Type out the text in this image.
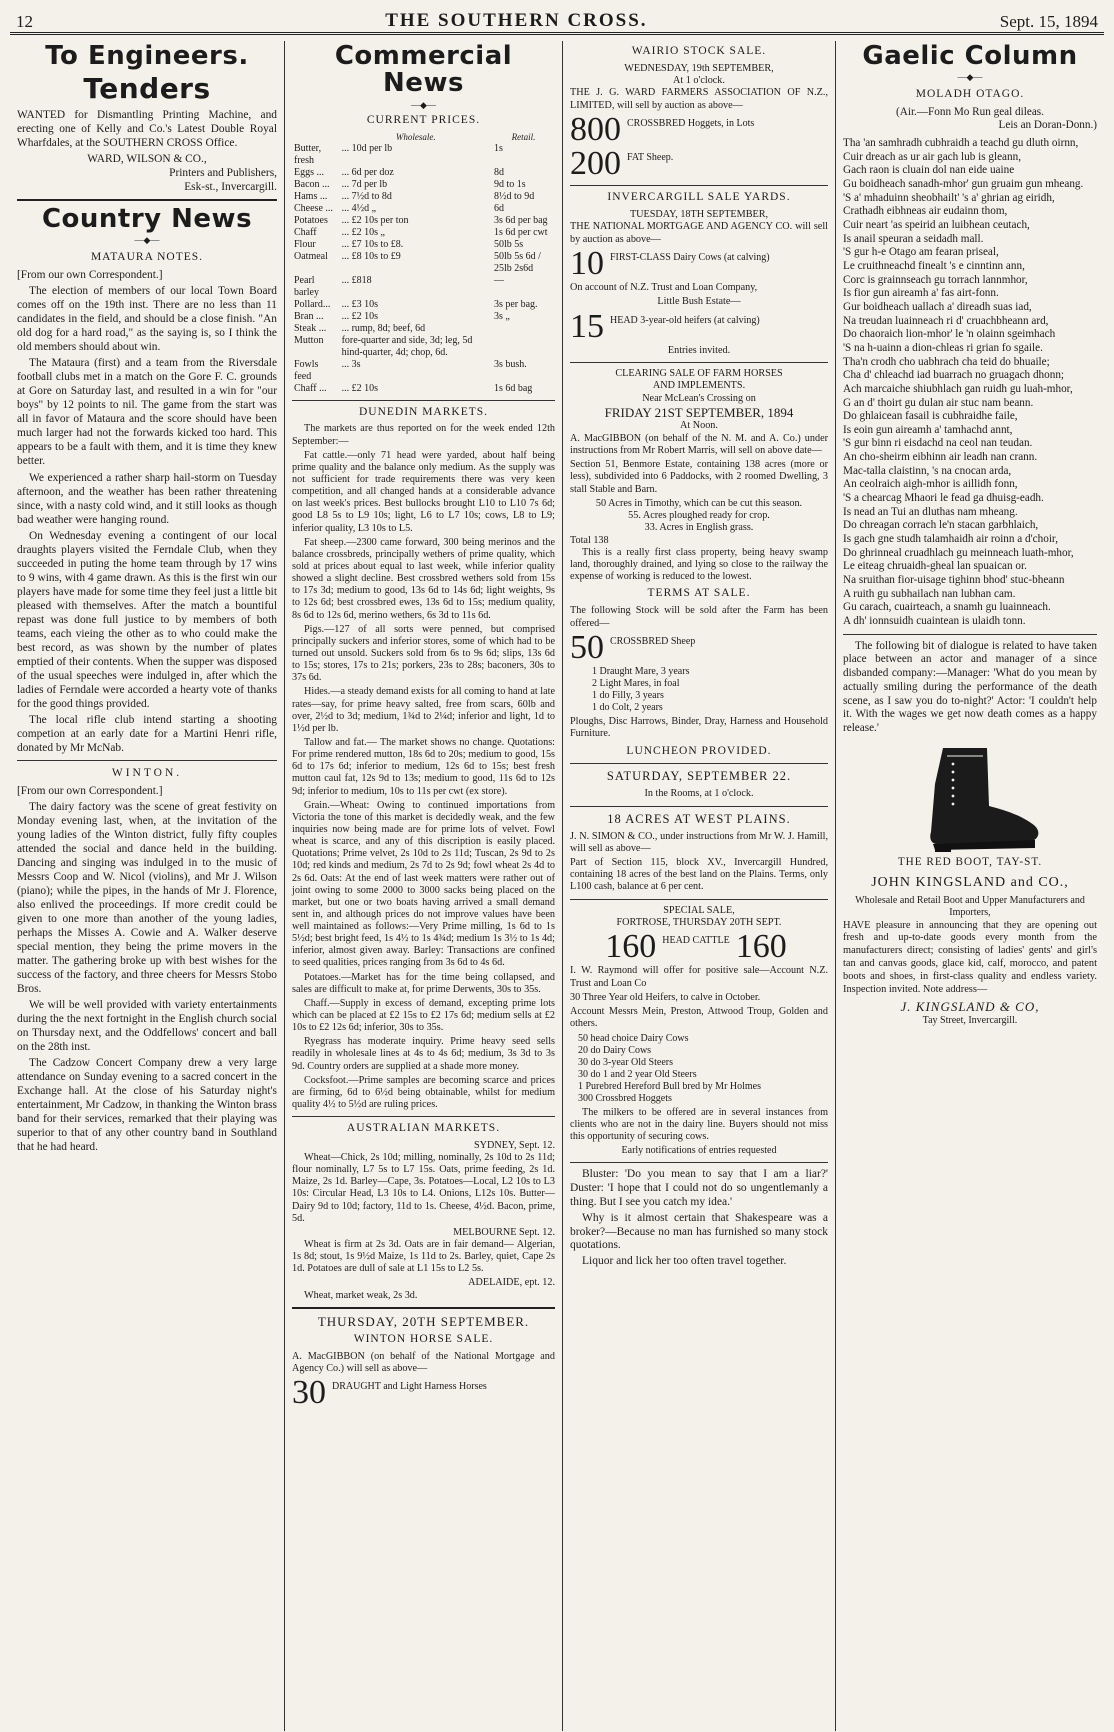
12	THE SOUTHERN CROSS.	Sept. 15, 1894
To Engineers.
Tenders

WANTED for Dismantling Printing Machine, and erecting one of Kelly and Co.'s Latest Double Royal Wharfdales, at the SOUTHERN CROSS Office.

WARD, WILSON & CO.,
Printers and Publishers,
Esk-st., Invercargill.
Country News
—◆—
MATAURA NOTES.

[From our own Correspondent.]

The election of members of our local Town Board comes off on the 19th inst. There are no less than 11 candidates in the field, and should be a close finish. "An old dog for a hard road," as the saying is, so I think the old members should about win.

The Mataura (first) and a team from the Riversdale football clubs met in a match on the Gore F. C. grounds at Gore on Saturday last, and resulted in a win for "our boys" by 12 points to nil. The game from the start was all in favor of Mataura and the score should have been much larger had not the forwards kicked too hard. This appears to be a fault with them, and it is time they knew better.

We experienced a rather sharp hail-storm on Tuesday afternoon, and the weather has been rather threatening since, with a nasty cold wind, and it still looks as though bad weather were hanging round.

On Wednesday evening a contingent of our local draughts players visited the Ferndale Club, when they succeeded in puting the home team through by 17 wins to 9 wins, with 4 game drawn. As this is the first win our players have made for some time they feel just a little bit pleased with themselves. After the match a bountiful repast was done full justice to by members of both teams, each vieing the other as to who could make the best record, as was shown by the number of plates emptied of their contents. When the supper was disposed of the usual speeches were indulged in, after which the ladies of Ferndale were accorded a hearty vote of thanks for the good things provided.

The local rifle club intend starting a shooting competion at an early date for a Martini Henri rifle, donated by Mr McNab.

WINTON.

[From our own Correspondent.]

The dairy factory was the scene of great festivity on Monday evening last, when, at the invitation of the young ladies of the Winton district, fully fifty couples attended the social and dance held in the building. Dancing and singing was indulged in to the music of Messrs Coop and W. Nicol (violins), and Mr J. Wilson (piano); while the pipes, in the hands of Mr J. Florence, also enlived the proceedings. If more credit could be given to one more than another of the young ladies, perhaps the Misses A. Cowie and A. Walker deserve special mention, they being the prime movers in the matter. The gathering broke up with best wishes for the success of the factory, and three cheers for Messrs Stobo Bros.

We will be well provided with variety entertainments during the the next fortnight in the English church social on Thursday next, and the Oddfellows' concert and ball on the 28th inst.

The Cadzow Concert Company drew a very large attendance on Sunday evening to a sacred concert in the Exchange hall. At the close of his Saturday night's entertainment, Mr Cadzow, in thanking the Winton brass band for their services, remarked that their playing was superior to that of any other country band in Southland that he had heard.

Commercial News
—◆—
CURRENT PRICES.
	Wholesale.	Retail.
Butter, fresh	... 10d per lb	1s
Eggs ...	... 6d per doz	8d
Bacon ...	... 7d per lb	9d to 1s
Hams ...	... 7½d to 8d	8½d to 9d
Cheese ...	... 4½d „	6d
Potatoes	... £2 10s per ton	3s 6d per bag
Chaff	... £2 10s „	1s 6d per cwt
Flour	... £7 10s to £8.	50lb 5s
Oatmeal	... £8 10s to £9	50lb 5s 6d / 25lb 2s6d
Pearl barley	... £818	—
Pollard...	... £3 10s	3s per bag.
Bran ...	... £2 10s	3s „
Steak ...	... rump, 8d; beef, 6d	
Mutton	fore-quarter and side, 3d; leg, 5d hind-quarter, 4d; chop, 6d.	
Fowls feed	... 3s	3s bush.
Chaff ...	... £2 10s	1s 6d bag
DUNEDIN MARKETS.

The markets are thus reported on for the week ended 12th September:—

Fat cattle.—only 71 head were yarded, about half being prime quality and the balance only medium. As the supply was not sufficient for trade requirements there was very keen competition, and all changed hands at a considerable advance on last week's prices. Best bullocks brought L10 to L10 7s 6d; good L8 5s to L9 10s; light, L6 to L7 10s; cows, L8 to L9; inferior quality, L3 10s to L5.

Fat sheep.—2300 came forward, 300 being merinos and the balance crossbreds, principally wethers of prime quality, which sold at prices about equal to last week, while inferior quality showed a slight decline. Best crossbred wethers sold from 15s to 17s 3d; medium to good, 13s 6d to 14s 6d; light weights, 9s to 12s 6d; best crossbred ewes, 13s 6d to 15s; medium quality, 8s 6d to 12s 6d, merino wethers, 6s 3d to 11s 6d.

Pigs.—127 of all sorts were penned, but comprised principally suckers and inferior stores, some of which had to be turned out unsold. Suckers sold from 6s to 9s 6d; slips, 13s 6d to 15s; stores, 17s to 21s; porkers, 23s to 28s; baconers, 30s to 37s 6d.

Hides.—a steady demand exists for all coming to hand at late rates—say, for prime heavy salted, free from scars, 60lb and over, 2½d to 3d; medium, 1¾d to 2¼d; inferior and light, 1d to 1½d per lb.

Tallow and fat.— The market shows no change. Quotations: For prime rendered mutton, 18s 6d to 20s; medium to good, 15s 6d to 17s 6d; inferior to medium, 12s 6d to 15s; best fresh mutton caul fat, 12s 9d to 13s; medium to good, 11s 6d to 12s 9d; inferior to medium, 10s to 11s per cwt (ex store).

Grain.—Wheat: Owing to continued importations from Victoria the tone of this market is decidedly weak, and the few inquiries now being made are for prime lots of velvet. Fowl wheat is scarce, and any of this discription is easily placed. Quotations; Prime velvet, 2s 10d to 2s 11d; Tuscan, 2s 9d to 2s 10d; red kinds and medium, 2s 7d to 2s 9d; fowl wheat 2s 4d to 2s 6d. Oats: At the end of last week matters were rather out of joint owing to some 2000 to 3000 sacks being placed on the market, but one or two boats having arrived a small demand sent in, and although prices do not improve values have been well maintained as follows:—Very Prime milling, 1s 6d to 1s 5½d; best bright feed, 1s 4½ to 1s 4¾d; medium 1s 3½ to 1s 4d; inferior, almost given away. Barley: Transactions are confined to seed qualities, prices ranging from 3s 6d to 4s 6d.

Potatoes.—Market has for the time being collapsed, and sales are difficult to make at, for prime Derwents, 30s to 35s.

Chaff.—Supply in excess of demand, excepting prime lots which can be placed at £2 15s to £2 17s 6d; medium sells at £2 10s to £2 12s 6d; inferior, 30s to 35s.

Ryegrass has moderate inquiry. Prime heavy seed sells readily in wholesale lines at 4s to 4s 6d; medium, 3s 3d to 3s 9d. Country orders are supplied at a shade more money.

Cocksfoot.—Prime samples are becoming scarce and prices are firming, 6d to 6½d being obtainable, whilst for medium quality 4½ to 5½d are ruling prices.

AUSTRALIAN MARKETS.
SYDNEY, Sept. 12.

Wheat—Chick, 2s 10d; milling, nominally, 2s 10d to 2s 11d; flour nominally, L7 5s to L7 15s. Oats, prime feeding, 2s 1d. Maize, 2s 1d. Barley—Cape, 3s. Potatoes—Local, L2 10s to L3 10s: Circular Head, L3 10s to L4. Onions, L12s 10s. Butter—Dairy 9d to 10d; factory, 11d to 1s. Cheese, 4½d. Bacon, prime, 5d.

MELBOURNE Sept. 12.

Wheat is firm at 2s 3d. Oats are in fair demand— Algerian, 1s 8d; stout, 1s 9½d Maize, 1s 11d to 2s. Barley, quiet, Cape 2s 1d. Potatoes are dull of sale at L1 15s to L2 5s.

ADELAIDE, ept. 12.

Wheat, market weak, 2s 3d.

THURSDAY, 20TH SEPTEMBER.
WINTON HORSE SALE.

A. MacGIBBON (on behalf of the National Mortgage and Agency Co.) will sell as above—

30 DRAUGHT and Light Harness Horses
WAIRIO STOCK SALE.
WEDNESDAY, 19th SEPTEMBER,
At 1 o'clock.

THE J. G. WARD FARMERS ASSOCIATION OF N.Z., LIMITED, will sell by auction as above—

800 CROSSBRED Hoggets, in Lots
200 FAT Sheep.
INVERCARGILL SALE YARDS.
TUESDAY, 18TH SEPTEMBER,

THE NATIONAL MORTGAGE AND AGENCY CO. will sell by auction as above—

10 FIRST-CLASS Dairy Cows (at calving)

On account of N.Z. Trust and Loan Company,

Little Bush Estate—
15 HEAD 3-year-old heifers (at calving)
Entries invited.
CLEARING SALE OF FARM HORSES
AND IMPLEMENTS.
Near McLean's Crossing on
FRIDAY 21ST SEPTEMBER, 1894
At Noon.

A. MacGIBBON (on behalf of the N. M. and A. Co.) under instructions from Mr Robert Marris, will sell on above date—

Section 51, Benmore Estate, containing 138 acres (more or less), subdivided into 6 Paddocks, with 2 roomed Dwelling, 3 stall Stable and Barn.

50 Acres in Timothy, which can be cut this season.
55. Acres ploughed ready for crop.
33. Acres in English grass.
Total 138

This is a really first class property, being heavy swamp land, thoroughly drained, and lying so close to the railway the expense of working is reduced to the lowest.

TERMS AT SALE.

The following Stock will be sold after the Farm has been offered—

50 CROSSBRED Sheep
1 Draught Mare, 3 years
2 Light Mares, in foal
1 do Filly, 3 years
1 do Colt, 2 years

Ploughs, Disc Harrows, Binder, Dray, Harness and Household Furniture.

LUNCHEON PROVIDED.
SATURDAY, SEPTEMBER 22.
In the Rooms, at 1 o'clock.
18 ACRES AT WEST PLAINS.

J. N. SIMON & CO., under instructions from Mr W. J. Hamill, will sell as above—

Part of Section 115, block XV., Invercargill Hundred, containing 18 acres of the best land on the Plains. Terms, only L100 cash, balance at 6 per cent.

SPECIAL SALE,
FORTROSE, THURSDAY 20TH SEPT.
160 HEAD CATTLE 160

I. W. Raymond will offer for positive sale—Account N.Z. Trust and Loan Co

30 Three Year old Heifers, to calve in October.

Account Messrs Mein, Preston, Attwood Troup, Golden and others.

50 head choice Dairy Cows
20 do Dairy Cows
30 do 3-year Old Steers
30 do 1 and 2 year Old Steers
1 Purebred Hereford Bull bred by Mr Holmes
300 Crossbred Hoggets

The milkers to be offered are in several instances from clients who are not in the dairy line. Buyers should not miss this opportunity of securing cows.

Early notifications of entries requested

Bluster: 'Do you mean to say that I am a liar?' Duster: 'I hope that I could not do so ungentlemanly a thing. But I see you catch my idea.'

Why is it almost certain that Shakespeare was a broker?—Because no man has furnished so many stock quotations.

Liquor and lick her too often travel together.

Gaelic Column
—◆—
MOLADH OTAGO.
(Air.—Fonn Mo Run geal dileas.
Leis an Doran-Donn.)
Tha 'an samhradh cubhraidh a teachd gu dluth oirnn,
Cuir dreach as ur air gach lub is gleann,
Gach raon is cluain dol nan eide uaine
Gu boidheach sanadh-mhor' gun gruaim gun mheang.
'S a' mhaduinn sheobhailt' 's a' ghrian ag eiridh,
Crathadh eibhneas air eudainn thom,
Cuir neart 'as speirid an luibhean ceutach,
Is anail speuran a seidadh mall.
'S gur h-e Otago am fearan priseal,
Le cruithneachd finealt 's e cinntinn ann,
Corc is grainnseach gu torrach lannmhor,
Is fior gun aireamh a' fas airt-fonn.
Gur boidheach uallach a' direadh suas iad,
Na treudan luainneach ri d' cruachbheann ard,
Do chaoraich lion-mhor' le 'n olainn sgeimhach
'S na h-uainn a dion-chleas ri grian fo sgaile.
Tha'n crodh cho uabhrach cha teid do bhuaile;
Cha d' chleachd iad buarrach no gruagach dhonn;
Ach marcaiche shiubhlach gan ruidh gu luah-mhor,
G an d' thoirt gu dulan air stuc nam beann.
Do ghlaicean fasail is cubhraidhe faile,
Is eoin gun aireamh a' tamhachd annt,
'S gur binn ri eisdachd na ceol nan teudan.
An cho-sheirm eibhinn air leadh nan crann.
Mac-talla claistinn, 's na cnocan arda,
An ceolraich aigh-mhor is aillidh fonn,
'S a chearcag Mhaori le fead ga dhuisg-eadh.
Is nead an Tui an dluthas nam mheang.
Do chreagan corrach le'n stacan garbhlaich,
Is gach gne studh talamhaidh air roinn a d'choir,
Do ghrinneal cruadhlach gu meinneach luath-mhor,
Le eiteag chruaidh-gheal lan spuaican or.
Na sruithan fior-uisage tighinn bhod' stuc-bheann
A ruith gu subhailach nan lubhan cam.
Gu carach, cuairteach, a snamh gu luainneach.
A dh' ionnsuidh cuaintean is ulaidh tonn.

The following bit of dialogue is related to have taken place between an actor and manager of a since disbanded company:—Manager: 'What do you mean by actually smiling during the performance of the death scene, as I saw you do to-night?' Actor: 'I couldn't help it. With the wages we get now death comes as a happy release.'

THE RED BOOT, TAY-ST.
JOHN KINGSLAND and CO.,
Wholesale and Retail Boot and Upper Manufacturers and Importers,

HAVE pleasure in announcing that they are opening out fresh and up-to-date goods every month from the manufacturers direct; consisting of ladies' gents' and girl's tan and canvas goods, glace kid, calf, morocco, and patent boots and shoes, in first-class quality and endless variety. Inspection invited. Note address—

J. KINGSLAND & CO,
Tay Street, Invercargill.
